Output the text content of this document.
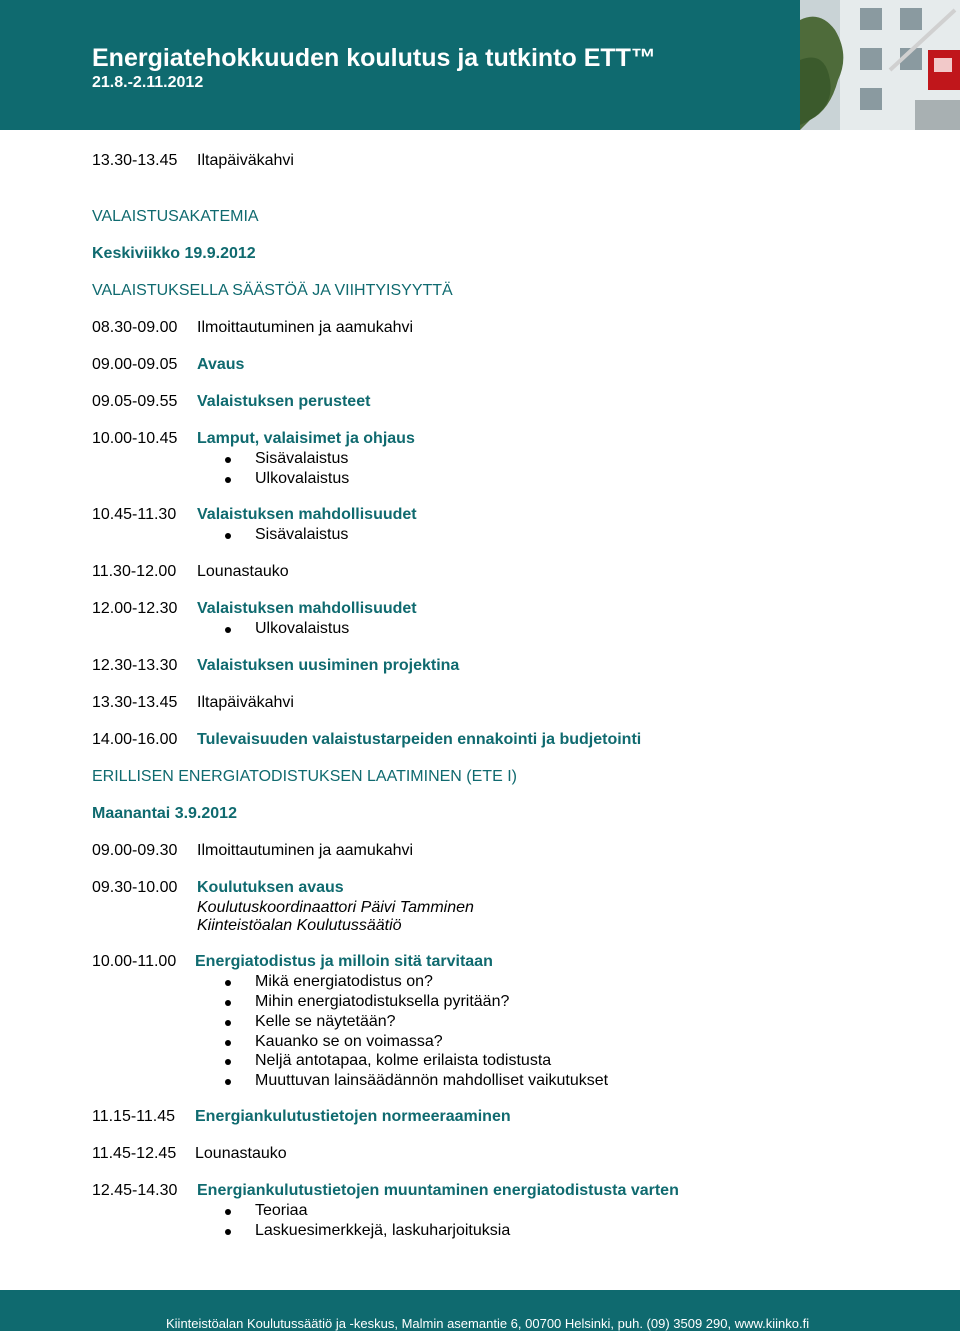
Energiatehokkuuden koulutus ja tutkinto ETT™
21.8.-2.11.2012
13.30-13.45 Iltapäiväkahvi
VALAISTUSAKATEMIA
Keskiviikko 19.9.2012
VALAISTUKSELLA SÄÄSTÖÄ JA VIIHTYISYYTTÄ
08.30-09.00 Ilmoittautuminen ja aamukahvi
09.00-09.05 Avaus
09.05-09.55 Valaistuksen perusteet
10.00-10.45 Lamput, valaisimet ja ohjaus
Sisävalaistus
Ulkovalaistus
10.45-11.30 Valaistuksen mahdollisuudet
Sisävalaistus
11.30-12.00 Lounastauko
12.00-12.30 Valaistuksen mahdollisuudet
Ulkovalaistus
12.30-13.30 Valaistuksen uusiminen projektina
13.30-13.45 Iltapäiväkahvi
14.00-16.00 Tulevaisuuden valaistustarpeiden ennakointi ja budjetointi
ERILLISEN ENERGIATODISTUKSEN LAATIMINEN (ETE I)
Maanantai 3.9.2012
09.00-09.30 Ilmoittautuminen ja aamukahvi
09.30-10.00 Koulutuksen avaus
Koulutuskoordinaattori Päivi Tamminen
Kiinteistöalan Koulutussäätiö
10.00-11.00 Energiatodistus ja milloin sitä tarvitaan
Mikä energiatodistus on?
Mihin energiatodistuksella pyritään?
Kelle se näytetään?
Kauanko se on voimassa?
Neljä antotapaa, kolme erilaista todistusta
Muuttuvan lainsäädännön mahdolliset vaikutukset
11.15-11.45 Energiankulutustietojen normeeraaminen
11.45-12.45 Lounastauko
12.45-14.30 Energiankulutustietojen muuntaminen energiatodistusta varten
Teoriaa
Laskuesimerkkejä, laskuharjoituksia
Kiinteistöalan Koulutussäätiö ja -keskus, Malmin asemantie 6, 00700 Helsinki, puh. (09) 3509 290, www.kiinko.fi
